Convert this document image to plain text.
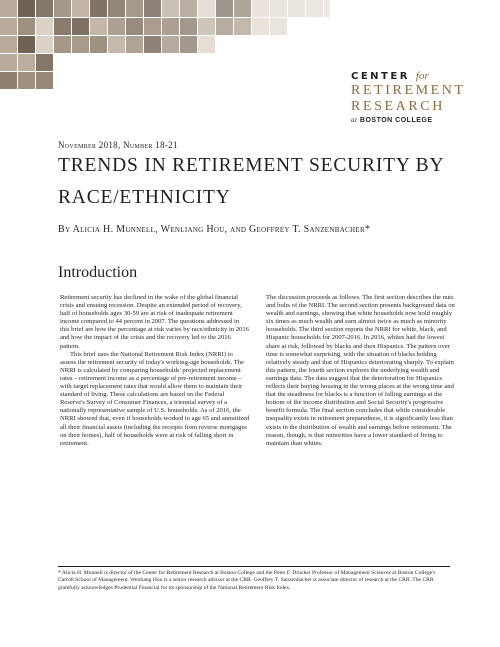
CENTER for
RETIREMENT
RESEARCH
at BOSTON COLLEGE
November 2018, Number 18-21
TRENDS IN RETIREMENT SECURITY BY RACE/ETHNICITY
By Alicia H. Munnell, Wenliang Hou, and Geoffrey T. Sanzenbacher*
Introduction

Retirement security has declined in the wake of the global financial crisis and ensuing recession. Despite an extended period of recovery, half of households ages 30-59 are at risk of inadequate retirement income compared to 44 percent in 2007. The questions addressed in this brief are how the percentage at risk varies by race/ethnicity in 2016 and how the impact of the crisis and the recovery led to the 2016 pattern.

This brief uses the National Retirement Risk Index (NRRI) to assess the retirement security of today's working-age households. The NRRI is calculated by comparing households' projected replacement rates – retirement income as a percentage of pre-retirement income – with target replacement rates that would allow them to maintain their standard of living. These calculations are based on the Federal Reserve's Survey of Consumer Finances, a triennial survey of a nationally representative sample of U.S. households. As of 2016, the NRRI showed that, even if households worked to age 65 and annuitized all their financial assets (including the receipts from reverse mortgages on their homes), half of households were at risk of falling short in retirement.

The discussion proceeds as follows. The first section describes the nuts and bolts of the NRRI. The second section presents background data on wealth and earnings, showing that white households now hold roughly six times as much wealth and earn almost twice as much as minority households. The third section reports the NRRI for white, black, and Hispanic households for 2007-2016. In 2016, whites had the lowest share at risk, followed by blacks and then Hispanics. The pattern over time is somewhat surprising, with the situation of blacks holding relatively steady and that of Hispanics deteriorating sharply. To explain this pattern, the fourth section explores the underlying wealth and earnings data. The data suggest that the deterioration for Hispanics reflects their buying housing in the wrong places at the wrong time and that the steadiness for blacks is a function of falling earnings at the bottom of the income distribution and Social Security's progressive benefit formula. The final section concludes that while considerable inequality exists in retirement preparedness, it is significantly less than exists in the distribution of wealth and earnings before retirement. The reason, though, is that minorities have a lower standard of living to maintain than whites.

* Alicia H. Munnell is director of the Center for Retirement Research at Boston College and the Peter F. Drucker Professor of Management Sciences at Boston College's Carroll School of Management. Wenliang Hou is a senior research advisor at the CRR. Geoffrey T. Sanzenbacher is associate director of research at the CRR. The CRR gratefully acknowledges Prudential Financial for its sponsorship of the National Retirement Risk Index.
